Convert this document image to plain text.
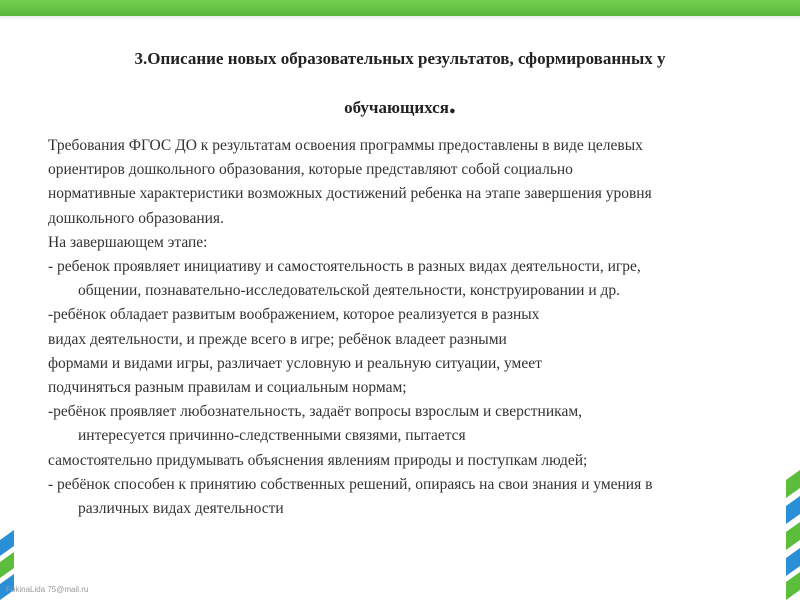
3.Описание новых образовательных результатов, сформированных у
обучающихся.
Требования ФГОС ДО к результатам освоения программы предоставлены в виде целевых
ориентиров дошкольного образования, которые представляют собой социально
нормативные характеристики возможных достижений ребенка на этапе завершения уровня
дошкольного образования.
На завершающем этапе:
- ребенок проявляет инициативу и самостоятельность в разных видах деятельности, игре,
общении, познавательно-исследовательской деятельности, конструировании и др.
-ребёнок обладает развитым воображением, которое реализуется в разных
видах деятельности, и прежде всего в игре; ребёнок владеет разными
формами и видами игры, различает условную и реальную ситуации, умеет
подчиняться разным правилам и социальным нормам;
-ребёнок проявляет любознательность, задаёт вопросы взрослым и сверстникам,
интересуется причинно-следственными связями, пытается
самостоятельно придумывать объяснения явлениям природы и поступкам людей;
- ребёнок способен к принятию собственных решений, опираясь на свои знания и умения в
различных видах деятельности
FokinaLida 75@mail.ru
